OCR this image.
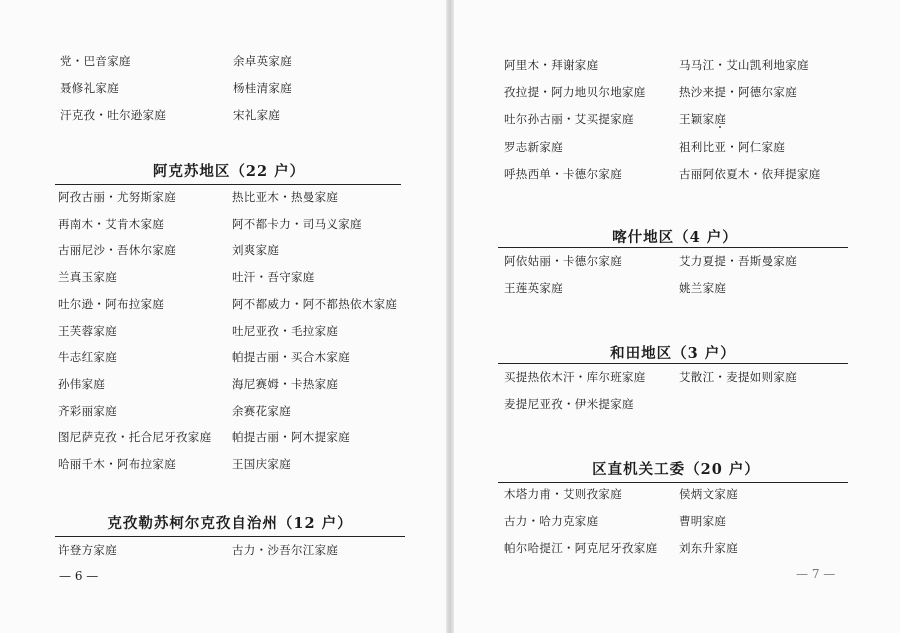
党・巴音家庭	余卓英家庭
聂修礼家庭	杨桂清家庭
汗克孜・吐尔逊家庭	宋礼家庭
阿克苏地区（22 户）
阿孜古丽・尤努斯家庭	热比亚木・热曼家庭
再南木・艾肯木家庭	阿不都卡力・司马义家庭
古丽尼沙・吾休尔家庭	刘爽家庭
兰真玉家庭	吐汗・吾守家庭
吐尔逊・阿布拉家庭	阿不都威力・阿不都热依木家庭
王芙蓉家庭	吐尼亚孜・毛拉家庭
牛志红家庭	帕提古丽・买合木家庭
孙伟家庭	海尼赛姆・卡热家庭
齐彩丽家庭	余赛花家庭
图尼萨克孜・托合尼牙孜家庭 帕提古丽・阿木提家庭
哈丽千木・阿布拉家庭	王国庆家庭
克孜勒苏柯尔克孜自治州（12 户）
许登方家庭	古力・沙吾尔江家庭
— 6 —
阿里木・拜谢家庭	马马江・艾山凯利地家庭
孜拉提・阿力地贝尔地家庭	热沙来提・阿德尔家庭
吐尔孙古丽・艾买提家庭	王颖家庭
罗志新家庭	祖利比亚・阿仁家庭
呼热西单・卡德尔家庭	古丽阿依夏木・依拜提家庭
喀什地区（4 户）
阿依姑丽・卡德尔家庭	艾力夏提・吾斯曼家庭
王莲英家庭	姚兰家庭
和田地区（3 户）
买提热依木汗・库尔班家庭	艾散江・麦提如则家庭
麦提尼亚孜・伊米提家庭
区直机关工委（20 户）
木塔力甫・艾则孜家庭	侯炳文家庭
古力・哈力克家庭	曹明家庭
帕尔哈提江・阿克尼牙孜家庭 刘东升家庭
— 7 —
